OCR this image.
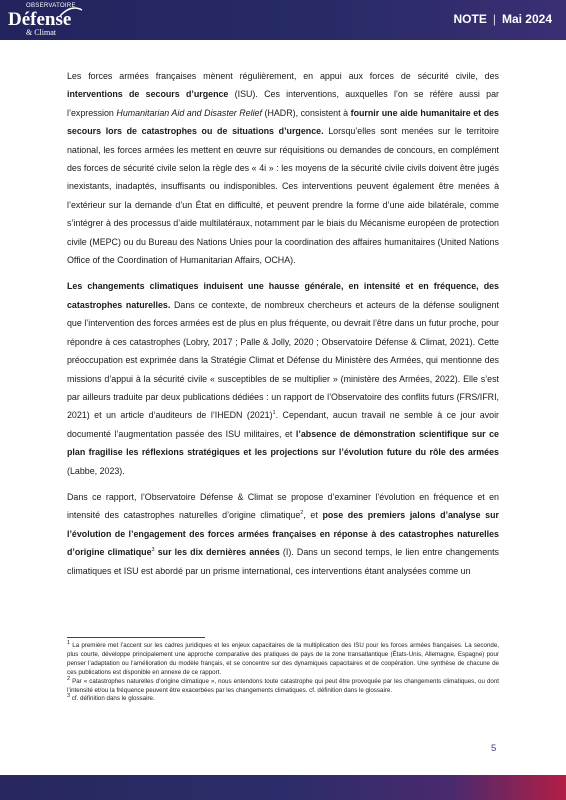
OBSERVATOIRE
Défense
& Climat
NOTE | Mai 2024

Les forces armées françaises mènent régulièrement, en appui aux forces de sécurité civile, des interventions de secours d’urgence (ISU). Ces interventions, auxquelles l’on se réfère aussi par l’expression Humanitarian Aid and Disaster Relief (HADR), consistent à fournir une aide humanitaire et des secours lors de catastrophes ou de situations d’urgence. Lorsqu’elles sont menées sur le territoire national, les forces armées les mettent en œuvre sur réquisitions ou demandes de concours, en complément des forces de sécurité civile selon la règle des « 4i » : les moyens de la sécurité civile civils doivent être jugés inexistants, inadaptés, insuffisants ou indisponibles. Ces interventions peuvent également être menées à l’extérieur sur la demande d’un État en difficulté, et peuvent prendre la forme d’une aide bilatérale, comme s’intégrer à des processus d’aide multilatéraux, notamment par le biais du Mécanisme européen de protection civile (MEPC) ou du Bureau des Nations Unies pour la coordination des affaires humanitaires (United Nations Office of the Coordination of Humanitarian Affairs, OCHA).

Les changements climatiques induisent une hausse générale, en intensité et en fréquence, des catastrophes naturelles. Dans ce contexte, de nombreux chercheurs et acteurs de la défense soulignent que l’intervention des forces armées est de plus en plus fréquente, ou devrait l’être dans un futur proche, pour répondre à ces catastrophes (Lobry, 2017 ; Palle & Jolly, 2020 ; Observatoire Défense & Climat, 2021). Cette préoccupation est exprimée dans la Stratégie Climat et Défense du Ministère des Armées, qui mentionne des missions d’appui à la sécurité civile « susceptibles de se multiplier » (ministère des Armées, 2022). Elle s’est par ailleurs traduite par deux publications dédiées : un rapport de l’Observatoire des conflits futurs (FRS/IFRI, 2021) et un article d’auditeurs de l’IHEDN $(2021)^1$. Cependant, aucun travail ne semble à ce jour avoir documenté l’augmentation passée des ISU militaires, et l’absence de démonstration scientifique sur ce plan fragilise les réflexions stratégiques et les projections sur l’évolution future du rôle des armées (Labbe, 2023).

Dans ce rapport, l’Observatoire Défense & Climat se propose d’examiner l’évolution en fréquence et en intensité des catastrophes naturelles d’origine climatique$^2$, et pose des premiers jalons d’analyse sur l’évolution de l’engagement des forces armées françaises en réponse à des catastrophes naturelles d’origine climatique$^3$ sur les dix dernières années (I). Dans un second temps, le lien entre changements climatiques et ISU est abordé par un prisme international, ces interventions étant analysées comme un

$^1$ La première met l’accent sur les cadres juridiques et les enjeux capacitaires de la multiplication des ISU pour les forces armées françaises. La seconde, plus courte, développe principalement une approche comparative des pratiques de pays de la zone transatlantique (États-Unis, Allemagne, Espagne) pour penser l’adaptation ou l’amélioration du modèle français, et se concentre sur des dynamiques capacitaires et de coopération. Une synthèse de chacune de ces publications est disponible en annexe de ce rapport.

$^2$ Par « catastrophes naturelles d’origine climatique », nous entendons toute catastrophe qui peut être provoquée par les changements climatiques, ou dont l’intensité et/ou la fréquence peuvent être exacerbées par les changements climatiques. cf. définition dans le glossaire.

$^3$ cf. définition dans le glossaire.

5
